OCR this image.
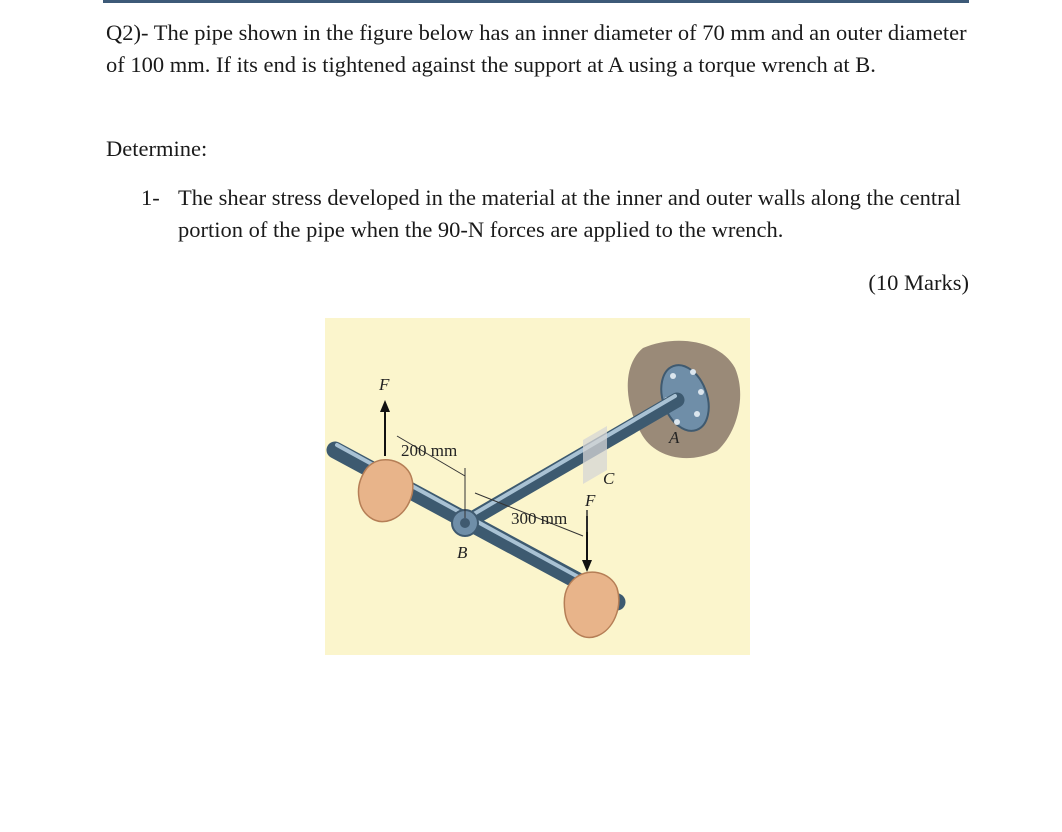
Q2)- The pipe shown in the figure below has an inner diameter of 70 mm and an outer diameter of 100 mm. If its end is tightened against the support at A using a torque wrench at B.

Determine:

1- The shear stress developed in the material at the inner and outer walls along the central portion of the pipe when the 90-N forces are applied to the wrench.

(10 Marks)

F
200 mm
F
300 mm
B
C
A
